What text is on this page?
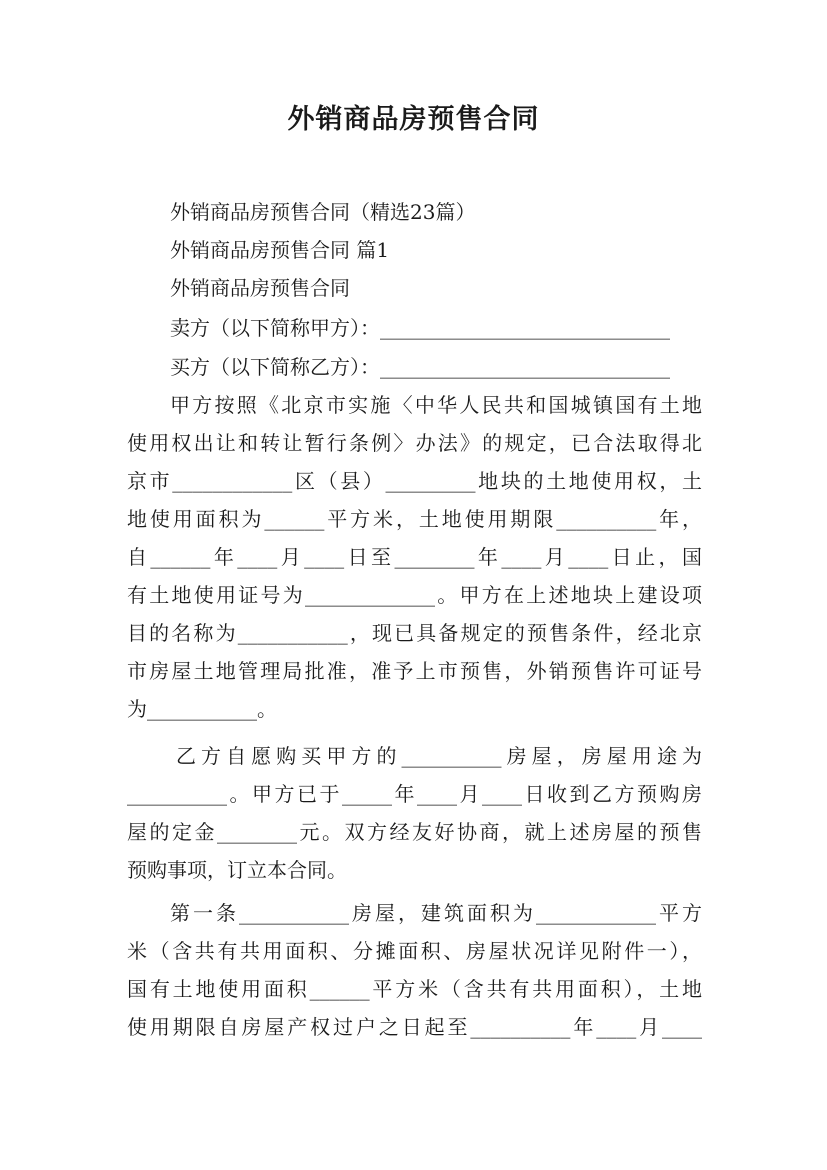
外销商品房预售合同
外销商品房预售合同（精选23篇）
外销商品房预售合同 篇1
外销商品房预售合同
卖方（以下简称甲方）：_____________________________
买方（以下简称乙方）：_____________________________
甲方按照《北京市实施〈中华人民共和国城镇国有土地
使用权出让和转让暂行条例〉办法》的规定，已合法取得北
京市____________区（县）_________地块的土地使用权，土
地使用面积为______平方米，土地使用期限__________年，
自______年____月____日至________年____月____日止，国
有土地使用证号为_____________。甲方在上述地块上建设项
目的名称为___________，现已具备规定的预售条件，经北京
市房屋土地管理局批准，准予上市预售，外销预售许可证号
为___________。
乙方自愿购买甲方的__________房屋，房屋用途为
__________。甲方已于_____年____月____日收到乙方预购房
屋的定金________元。双方经友好协商，就上述房屋的预售
预购事项，订立本合同。
第一条___________房屋，建筑面积为____________平方
米（含共有共用面积、分摊面积、房屋状况详见附件一），
国有土地使用面积______平方米（含共有共用面积），土地
使用期限自房屋产权过户之日起至__________年____月____
